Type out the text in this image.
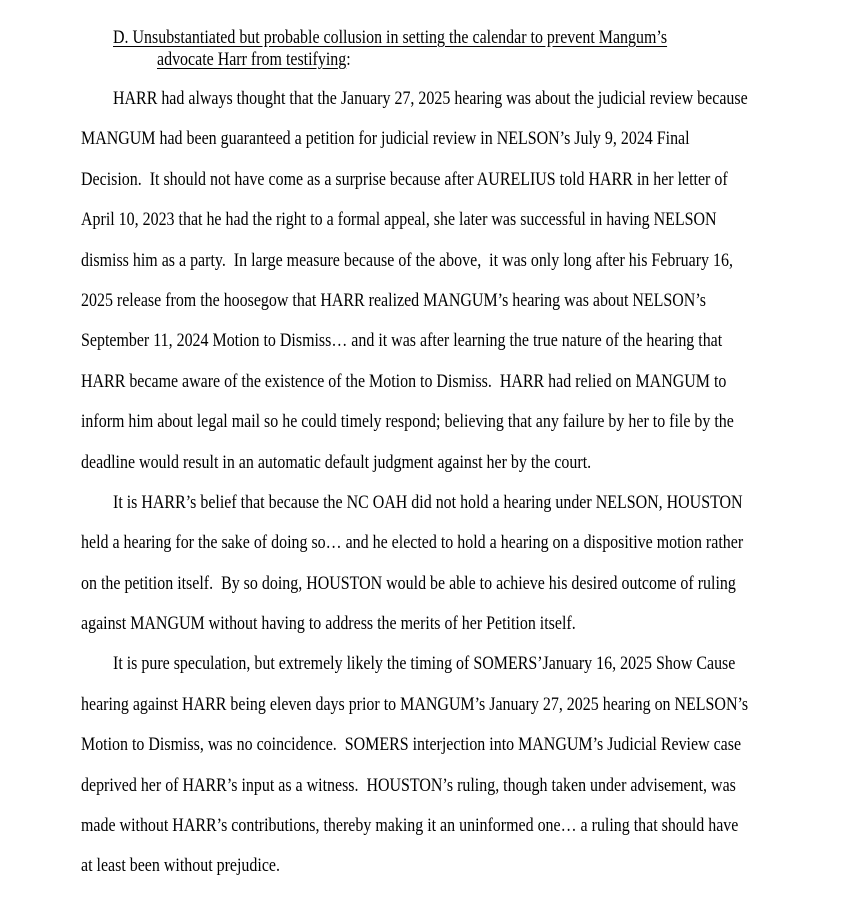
D. Unsubstantiated but probable collusion in setting the calendar to prevent Mangum’s
advocate Harr from testifying:
HARR had always thought that the January 27, 2025 hearing was about the judicial review because
MANGUM had been guaranteed a petition for judicial review in NELSON’s July 9, 2024 Final
Decision.  It should not have come as a surprise because after AURELIUS told HARR in her letter of
April 10, 2023 that he had the right to a formal appeal, she later was successful in having NELSON
dismiss him as a party.  In large measure because of the above,  it was only long after his February 16,
2025 release from the hoosegow that HARR realized MANGUM’s hearing was about NELSON’s
September 11, 2024 Motion to Dismiss… and it was after learning the true nature of the hearing that
HARR became aware of the existence of the Motion to Dismiss.  HARR had relied on MANGUM to
inform him about legal mail so he could timely respond; believing that any failure by her to file by the
deadline would result in an automatic default judgment against her by the court.
It is HARR’s belief that because the NC OAH did not hold a hearing under NELSON, HOUSTON
held a hearing for the sake of doing so… and he elected to hold a hearing on a dispositive motion rather
on the petition itself.  By so doing, HOUSTON would be able to achieve his desired outcome of ruling
against MANGUM without having to address the merits of her Petition itself.
It is pure speculation, but extremely likely the timing of SOMERS’January 16, 2025 Show Cause
hearing against HARR being eleven days prior to MANGUM’s January 27, 2025 hearing on NELSON’s
Motion to Dismiss, was no coincidence.  SOMERS interjection into MANGUM’s Judicial Review case
deprived her of HARR’s input as a witness.  HOUSTON’s ruling, though taken under advisement, was
made without HARR’s contributions, thereby making it an uninformed one… a ruling that should have
at least been without prejudice.
